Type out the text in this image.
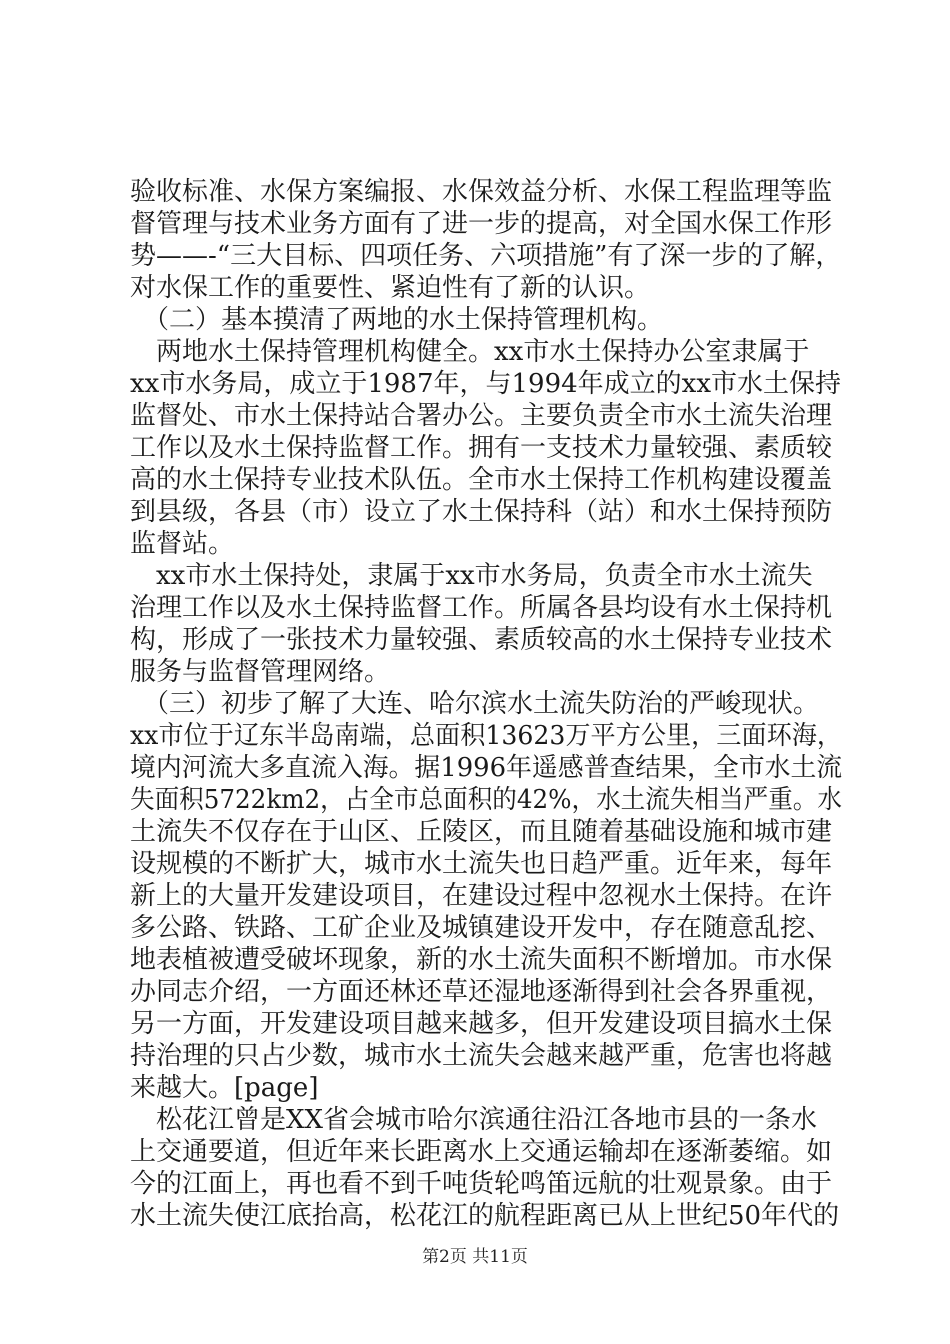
验收标准、水保方案编报、水保效益分析、水保工程监理等监
督管理与技术业务方面有了进一步的提高，对全国水保工作形
势——-“三大目标、四项任务、六项措施”有了深一步的了解，
对水保工作的重要性、紧迫性有了新的认识。
　（二）基本摸清了两地的水土保持管理机构。
　两地水土保持管理机构健全。xx市水土保持办公室隶属于
xx市水务局，成立于1987年，与1994年成立的xx市水土保持
监督处、市水土保持站合署办公。主要负责全市水土流失治理
工作以及水土保持监督工作。拥有一支技术力量较强、素质较
高的水土保持专业技术队伍。全市水土保持工作机构建设覆盖
到县级，各县（市）设立了水土保持科（站）和水土保持预防
监督站。
　xx市水土保持处，隶属于xx市水务局，负责全市水土流失
治理工作以及水土保持监督工作。所属各县均设有水土保持机
构，形成了一张技术力量较强、素质较高的水土保持专业技术
服务与监督管理网络。
　（三）初步了解了大连、哈尔滨水土流失防治的严峻现状。
xx市位于辽东半岛南端，总面积13623万平方公里，三面环海，
境内河流大多直流入海。据1996年遥感普查结果，全市水土流
失面积5722km2，占全市总面积的42%，水土流失相当严重。水
土流失不仅存在于山区、丘陵区，而且随着基础设施和城市建
设规模的不断扩大，城市水土流失也日趋严重。近年来，每年
新上的大量开发建设项目，在建设过程中忽视水土保持。在许
多公路、铁路、工矿企业及城镇建设开发中，存在随意乱挖、
地表植被遭受破坏现象，新的水土流失面积不断增加。市水保
办同志介绍，一方面还林还草还湿地逐渐得到社会各界重视，
另一方面，开发建设项目越来越多，但开发建设项目搞水土保
持治理的只占少数，城市水土流失会越来越严重，危害也将越
来越大。[page]
　松花江曾是XX省会城市哈尔滨通往沿江各地市县的一条水
上交通要道，但近年来长距离水上交通运输却在逐渐萎缩。如
今的江面上，再也看不到千吨货轮鸣笛远航的壮观景象。由于
水土流失使江底抬高，松花江的航程距离已从上世纪50年代的
第2页 共11页
